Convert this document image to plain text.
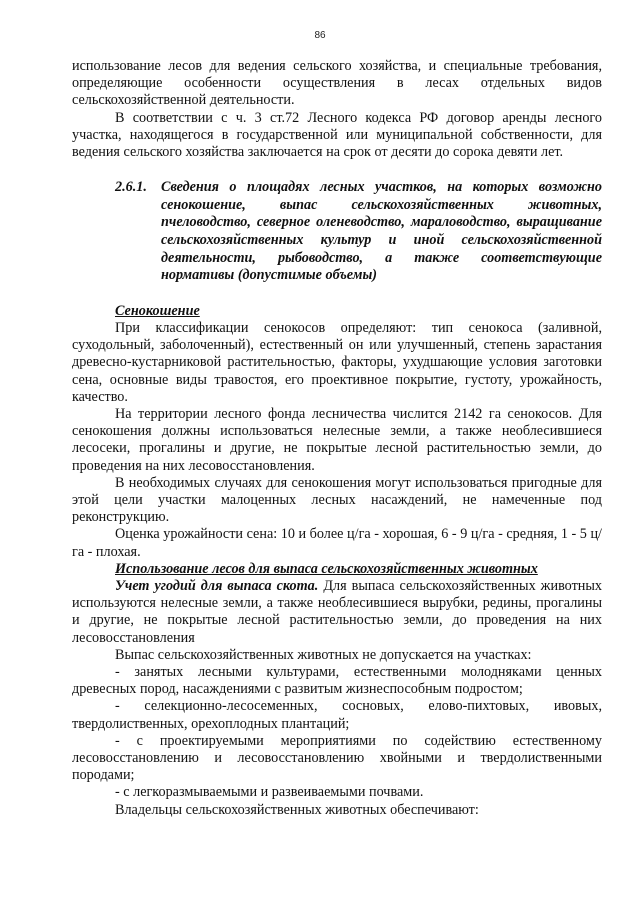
86

использование лесов для ведения сельского хозяйства, и специальные требования, определяющие особенности осуществления в лесах отдельных видов сельскохозяйственной деятельности.

В соответствии с ч. 3 ст.72 Лесного кодекса РФ договор аренды лесного участка, находящегося в государственной или муниципальной собственности, для ведения сельского хозяйства заключается на срок от десяти до сорока девяти лет.

2.6.1. Сведения о площадях лесных участков, на которых возможно сенокошение, выпас сельскохозяйственных животных, пчеловодство, северное оленеводство, мараловодство, выращивание сельскохозяйственных культур и иной сельскохозяйственной деятельности, рыбоводство, а также соответствующие нормативы (допустимые объемы)

Сенокошение

При классификации сенокосов определяют: тип сенокоса (заливной, суходольный, заболоченный), естественный он или улучшенный, степень зарастания древесно-кустарниковой растительностью, факторы, ухудшающие условия заготовки сена, основные виды травостоя, его проективное покрытие, густоту, урожайность, качество.

На территории лесного фонда лесничества числится 2142 га сенокосов. Для сенокошения должны использоваться нелесные земли, а также необлесившиеся лесосеки, прогалины и другие, не покрытые лесной растительностью земли, до проведения на них лесовосстановления.

В необходимых случаях для сенокошения могут использоваться пригодные для этой цели участки малоценных лесных насаждений, не намеченные под реконструкцию.

Оценка урожайности сена: 10 и более ц/га - хорошая, 6 - 9 ц/га - средняя, 1 - 5 ц/га - плохая.

Использование лесов для выпаса сельскохозяйственных животных

Учет угодий для выпаса скота. Для выпаса сельскохозяйственных животных используются нелесные земли, а также необлесившиеся вырубки, редины, прогалины и другие, не покрытые лесной растительностью земли, до проведения на них лесовосстановления

Выпас сельскохозяйственных животных не допускается на участках:

- занятых лесными культурами, естественными молодняками ценных древесных пород, насаждениями с развитым жизнеспособным подростом;

- селекционно-лесосеменных, сосновых, елово-пихтовых, ивовых, твердолиственных, орехоплодных плантаций;

- с проектируемыми мероприятиями по содействию естественному лесовосстановлению и лесовосстановлению хвойными и твердолиственными породами;

- с легкоразмываемыми и развеиваемыми почвами.

Владельцы сельскохозяйственных животных обеспечивают:
